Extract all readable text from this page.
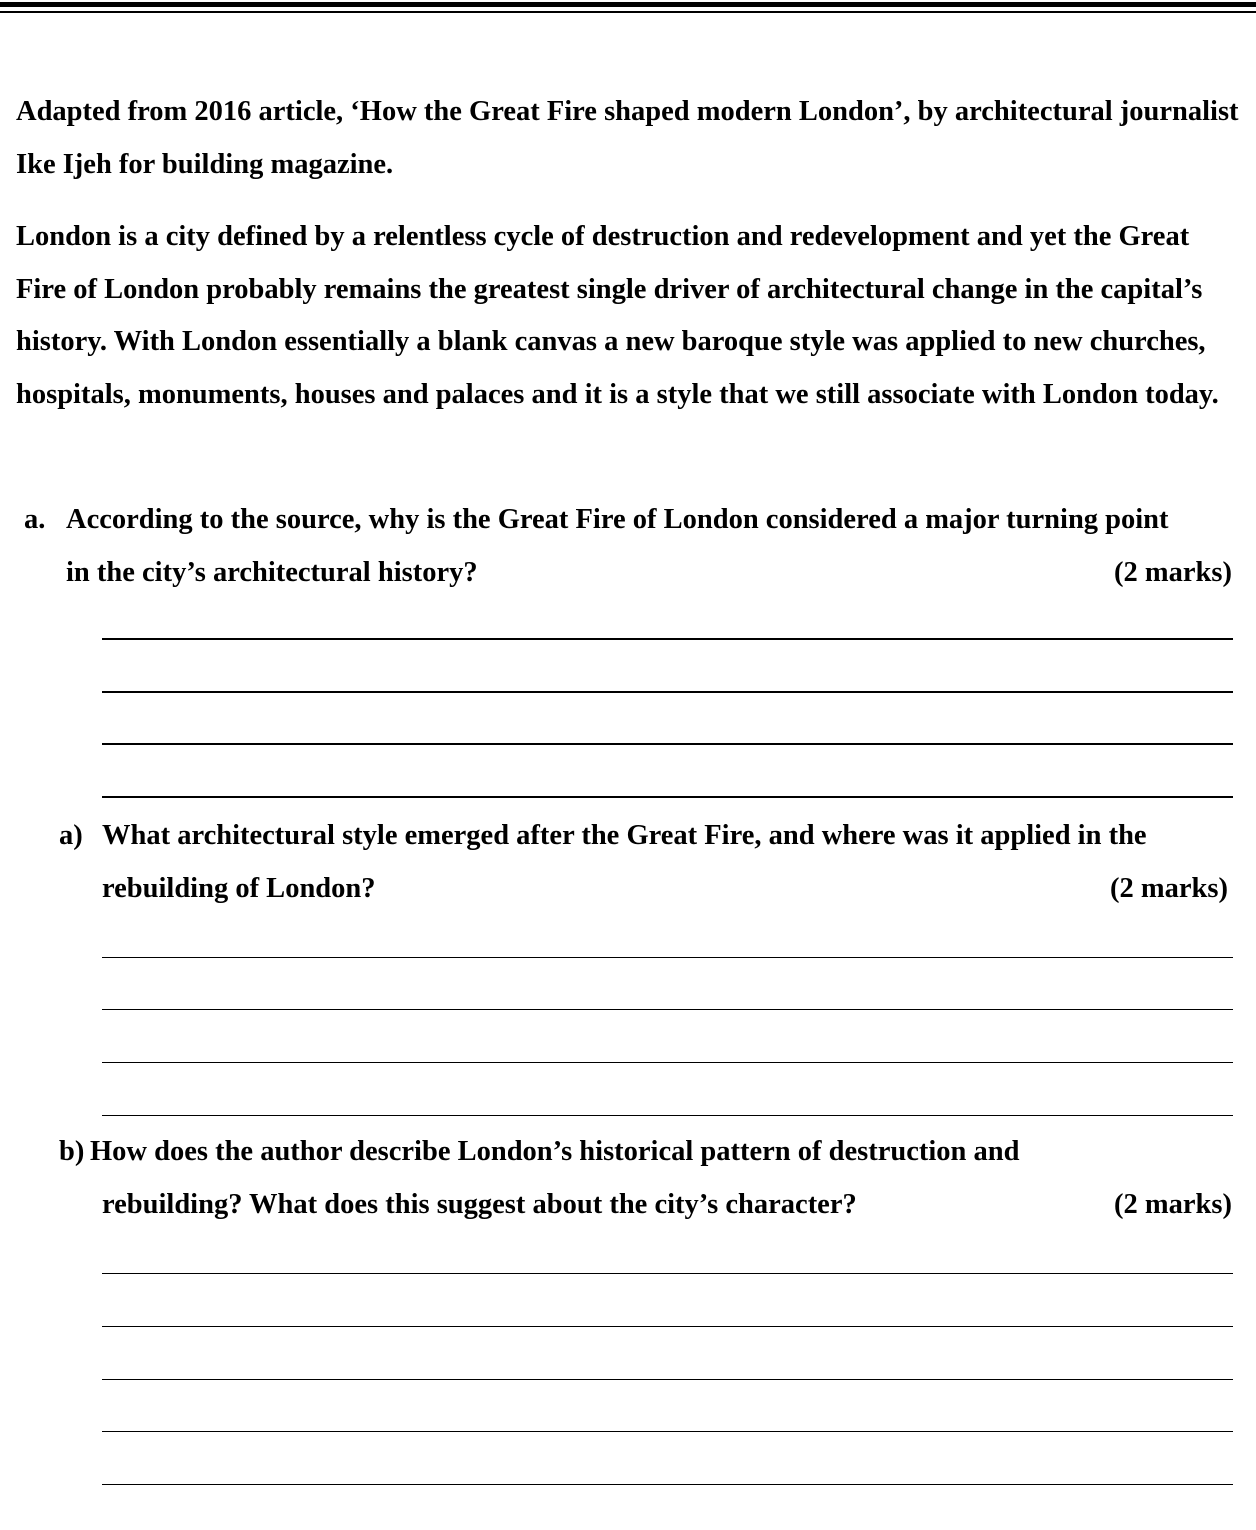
Adapted from 2016 article, ‘How the Great Fire shaped modern London’, by architectural journalist Ike Ijeh for building magazine.

London is a city defined by a relentless cycle of destruction and redevelopment and yet the Great Fire of London probably remains the greatest single driver of architectural change in the capital’s history. With London essentially a blank canvas a new baroque style was applied to new churches, hospitals, monuments, houses and palaces and it is a style that we still associate with London today.

a. According to the source, why is the Great Fire of London considered a major turning point in the city’s architectural history?	(2 marks)
a) What architectural style emerged after the Great Fire, and where was it applied in the rebuilding of London?	(2 marks)
b) How does the author describe London’s historical pattern of destruction and rebuilding? What does this suggest about the city’s character?	(2 marks)
